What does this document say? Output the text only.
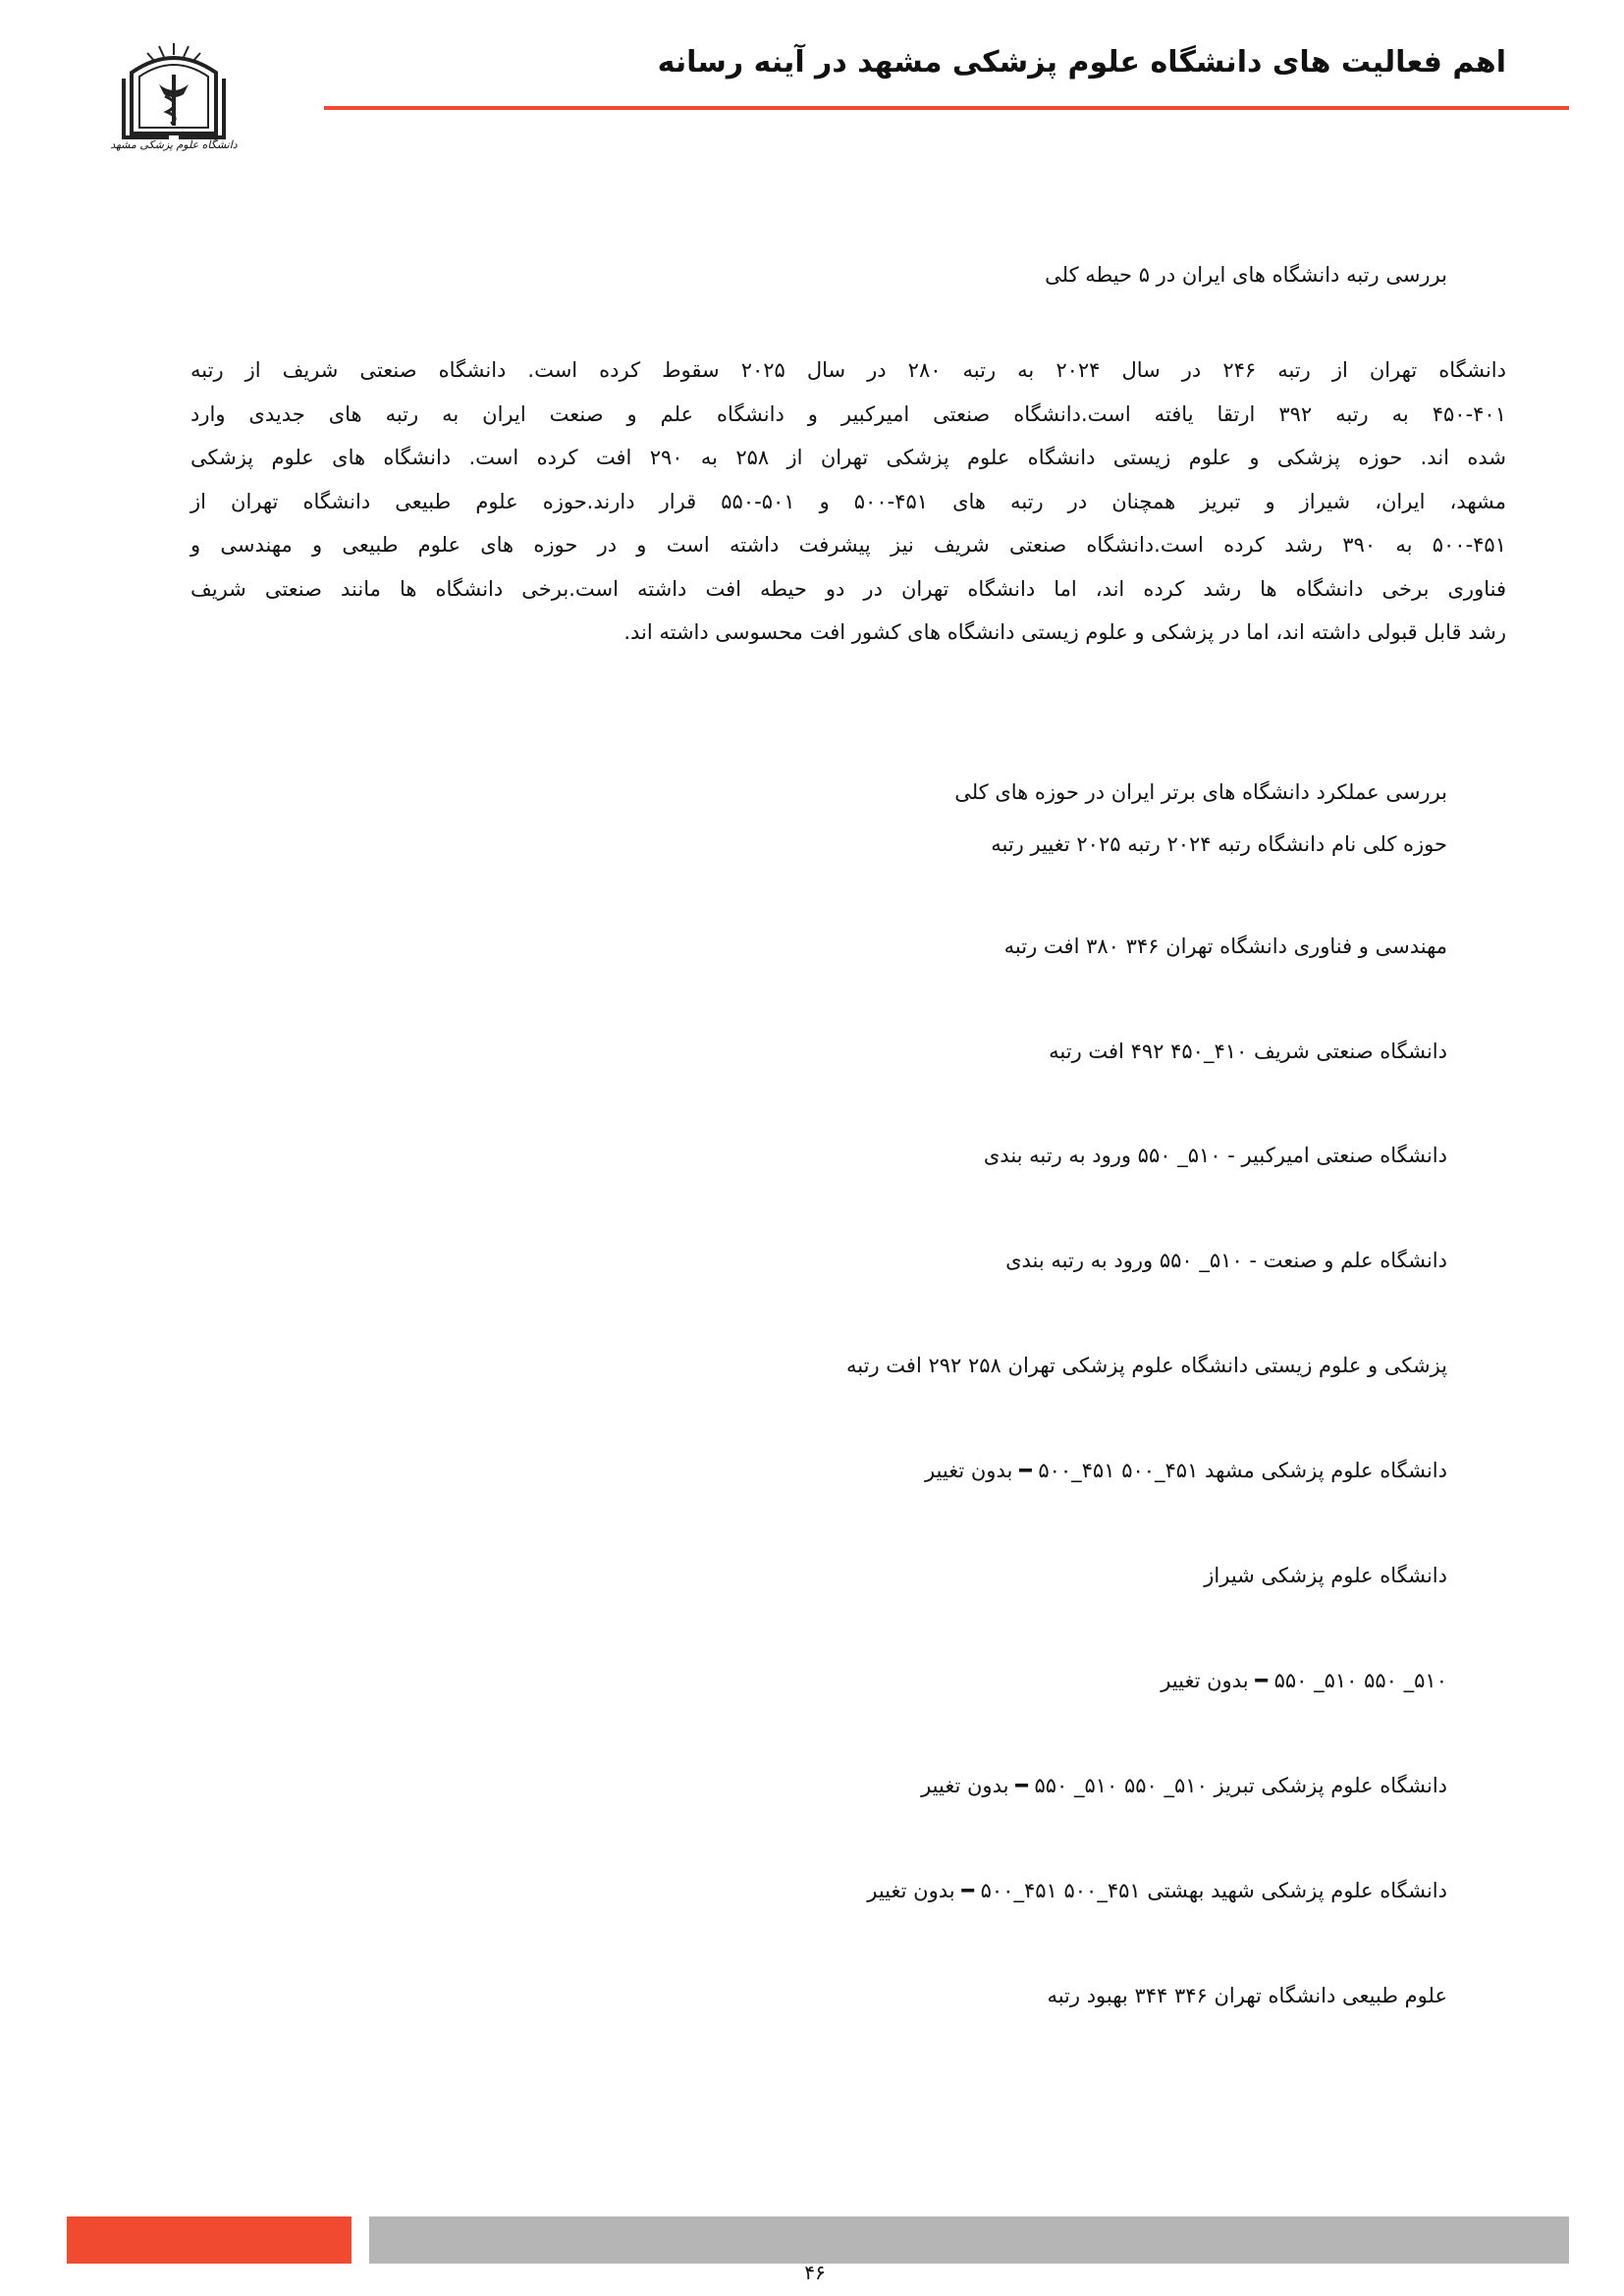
دانشگاه علوم پزشکی مشهد
اهم فعالیت های دانشگاه علوم پزشکی مشهد در آینه رسانه
بررسی رتبه دانشگاه های ایران در ۵ حیطه کلی
دانشگاه تهران از رتبه ۲۴۶ در سال ۲۰۲۴ به رتبه ۲۸۰ در سال ۲۰۲۵ سقوط کرده است. دانشگاه صنعتی شریف از رتبه
۴۵۰-۴۰۱ به رتبه ۳۹۲ ارتقا یافته است.دانشگاه صنعتی امیرکبیر و دانشگاه علم و صنعت ایران به رتبه های جدیدی وارد
شده اند. حوزه پزشکی و علوم زیستی دانشگاه علوم پزشکی تهران از ۲۵۸ به ۲۹۰ افت کرده است. دانشگاه های علوم پزشکی
مشهد، ایران، شیراز و تبریز همچنان در رتبه های ۴۵۱-۵۰۰ و ۵۰۱-۵۵۰ قرار دارند.حوزه علوم طبیعی دانشگاه تهران از
۵۰۰-۴۵۱ به ۳۹۰ رشد کرده است.دانشگاه صنعتی شریف نیز پیشرفت داشته است و در حوزه های علوم طبیعی و مهندسی و
فناوری برخی دانشگاه ها رشد کرده اند، اما دانشگاه تهران در دو حیطه افت داشته است.برخی دانشگاه ها مانند صنعتی شریف
رشد قابل قبولی داشته اند، اما در پزشکی و علوم زیستی دانشگاه های کشور افت محسوسی داشته اند.
بررسی عملکرد دانشگاه های برتر ایران در حوزه های کلی
حوزه کلی نام دانشگاه رتبه ۲۰۲۴ رتبه ۲۰۲۵ تغییر رتبه
مهندسی و فناوری دانشگاه تهران ۳۴۶ ۳۸۰ افت رتبه
دانشگاه صنعتی شریف ۴۱۰_۴۵۰ ۴۹۲ افت رتبه
دانشگاه صنعتی امیرکبیر - ۵۱۰_ ۵۵۰ ورود به رتبه بندی
دانشگاه علم و صنعت - ۵۱۰_ ۵۵۰ ورود به رتبه بندی
پزشکی و علوم زیستی دانشگاه علوم پزشکی تهران ۲۵۸ ۲۹۲ افت رتبه
دانشگاه علوم پزشکی مشهد ۴۵۱_۵۰۰ ۴۵۱_۵۰۰ ━ بدون تغییر
دانشگاه علوم پزشکی شیراز
۵۱۰_ ۵۵۰ ۵۱۰_ ۵۵۰ ━ بدون تغییر
دانشگاه علوم پزشکی تبریز ۵۱۰_ ۵۵۰ ۵۱۰_ ۵۵۰ ━ بدون تغییر
دانشگاه علوم پزشکی شهید بهشتی ۴۵۱_۵۰۰ ۴۵۱_۵۰۰ ━ بدون تغییر
علوم طبیعی دانشگاه تهران ۳۴۶ ۳۴۴ بهبود رتبه
۴۶
